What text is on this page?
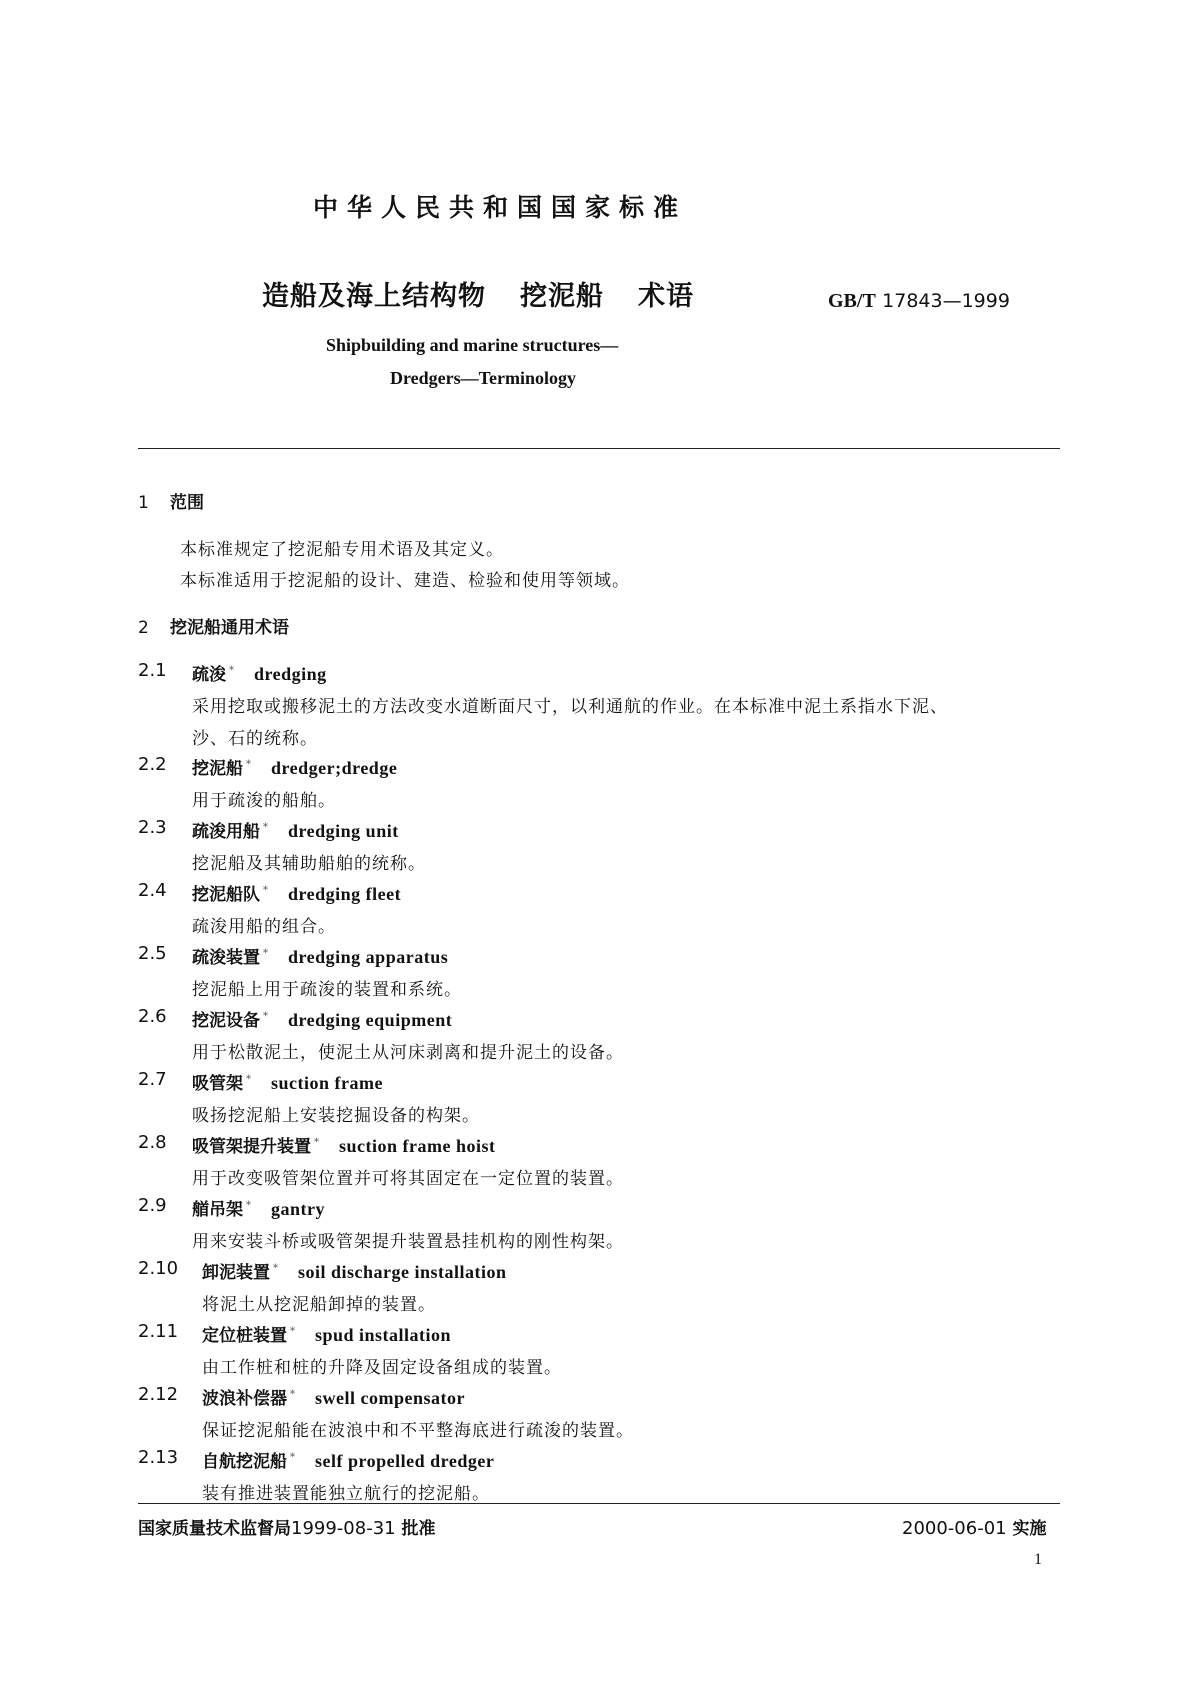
中华人民共和国国家标准
造船及海上结构物 挖泥船 术语	GB/T 17843—1999
Shipbuilding and marine structures—
Dredgers—Terminology
1 范围
本标准规定了挖泥船专用术语及其定义。
本标准适用于挖泥船的设计、建造、检验和使用等领域。
2 挖泥船通用术语
2.1 疏浚 * dredging
采用挖取或搬移泥土的方法改变水道断面尺寸，以利通航的作业。在本标准中泥土系指水下泥、
沙、石的统称。
2.2 挖泥船 * dredger;dredge
用于疏浚的船舶。
2.3 疏浚用船 * dredging unit
挖泥船及其辅助船舶的统称。
2.4 挖泥船队 * dredging fleet
疏浚用船的组合。
2.5 疏浚装置 * dredging apparatus
挖泥船上用于疏浚的装置和系统。
2.6 挖泥设备 * dredging equipment
用于松散泥土，使泥土从河床剥离和提升泥土的设备。
2.7 吸管架 * suction frame
吸扬挖泥船上安装挖掘设备的构架。
2.8 吸管架提升装置 * suction frame hoist
用于改变吸管架位置并可将其固定在一定位置的装置。
2.9 艏吊架 * gantry
用来安装斗桥或吸管架提升装置悬挂机构的刚性构架。
2.10 卸泥装置 * soil discharge installation
将泥土从挖泥船卸掉的装置。
2.11 定位桩装置 * spud installation
由工作桩和桩的升降及固定设备组成的装置。
2.12 波浪补偿器 * swell compensator
保证挖泥船能在波浪中和不平整海底进行疏浚的装置。
2.13 自航挖泥船 * self propelled dredger
装有推进装置能独立航行的挖泥船。
国家质量技术监督局1999-08-31 批准	2000-06-01 实施
1
